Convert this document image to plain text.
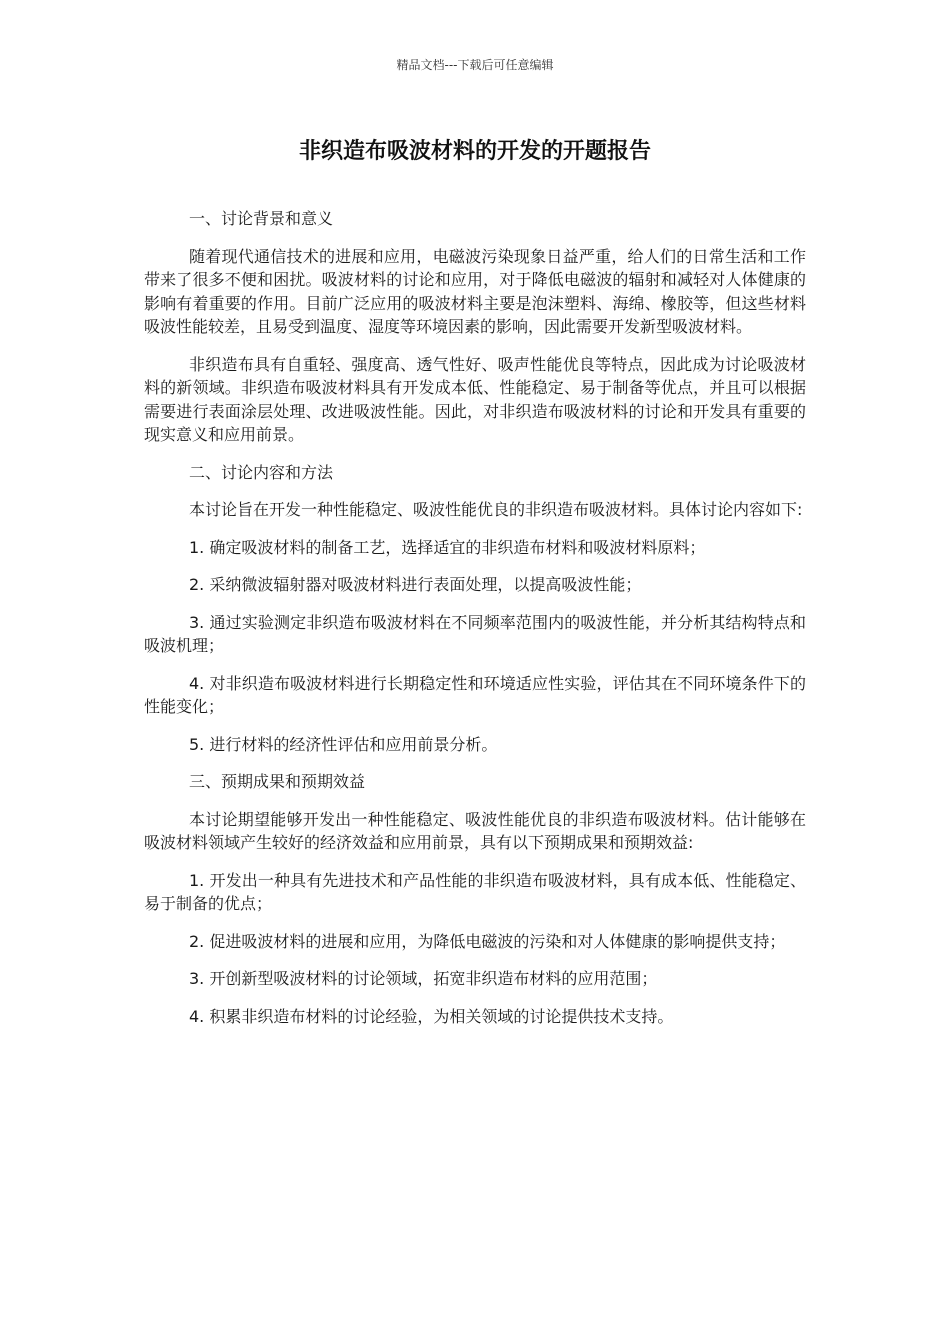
精品文档---下载后可任意编辑
非织造布吸波材料的开发的开题报告

一、讨论背景和意义

随着现代通信技术的进展和应用，电磁波污染现象日益严重，给人们的日常生活和工作带来了很多不便和困扰。吸波材料的讨论和应用，对于降低电磁波的辐射和减轻对人体健康的影响有着重要的作用。目前广泛应用的吸波材料主要是泡沫塑料、海绵、橡胶等，但这些材料吸波性能较差，且易受到温度、湿度等环境因素的影响，因此需要开发新型吸波材料。

非织造布具有自重轻、强度高、透气性好、吸声性能优良等特点，因此成为讨论吸波材料的新领域。非织造布吸波材料具有开发成本低、性能稳定、易于制备等优点，并且可以根据需要进行表面涂层处理、改进吸波性能。因此，对非织造布吸波材料的讨论和开发具有重要的现实意义和应用前景。

二、讨论内容和方法

本讨论旨在开发一种性能稳定、吸波性能优良的非织造布吸波材料。具体讨论内容如下:

1. 确定吸波材料的制备工艺，选择适宜的非织造布材料和吸波材料原料；

2. 采纳微波辐射器对吸波材料进行表面处理，以提高吸波性能；

3. 通过实验测定非织造布吸波材料在不同频率范围内的吸波性能，并分析其结构特点和吸波机理；

4. 对非织造布吸波材料进行长期稳定性和环境适应性实验，评估其在不同环境条件下的性能变化；

5. 进行材料的经济性评估和应用前景分析。

三、预期成果和预期效益

本讨论期望能够开发出一种性能稳定、吸波性能优良的非织造布吸波材料。估计能够在吸波材料领域产生较好的经济效益和应用前景，具有以下预期成果和预期效益:

1. 开发出一种具有先进技术和产品性能的非织造布吸波材料，具有成本低、性能稳定、易于制备的优点；

2. 促进吸波材料的进展和应用，为降低电磁波的污染和对人体健康的影响提供支持；

3. 开创新型吸波材料的讨论领域，拓宽非织造布材料的应用范围；

4. 积累非织造布材料的讨论经验，为相关领域的讨论提供技术支持。
